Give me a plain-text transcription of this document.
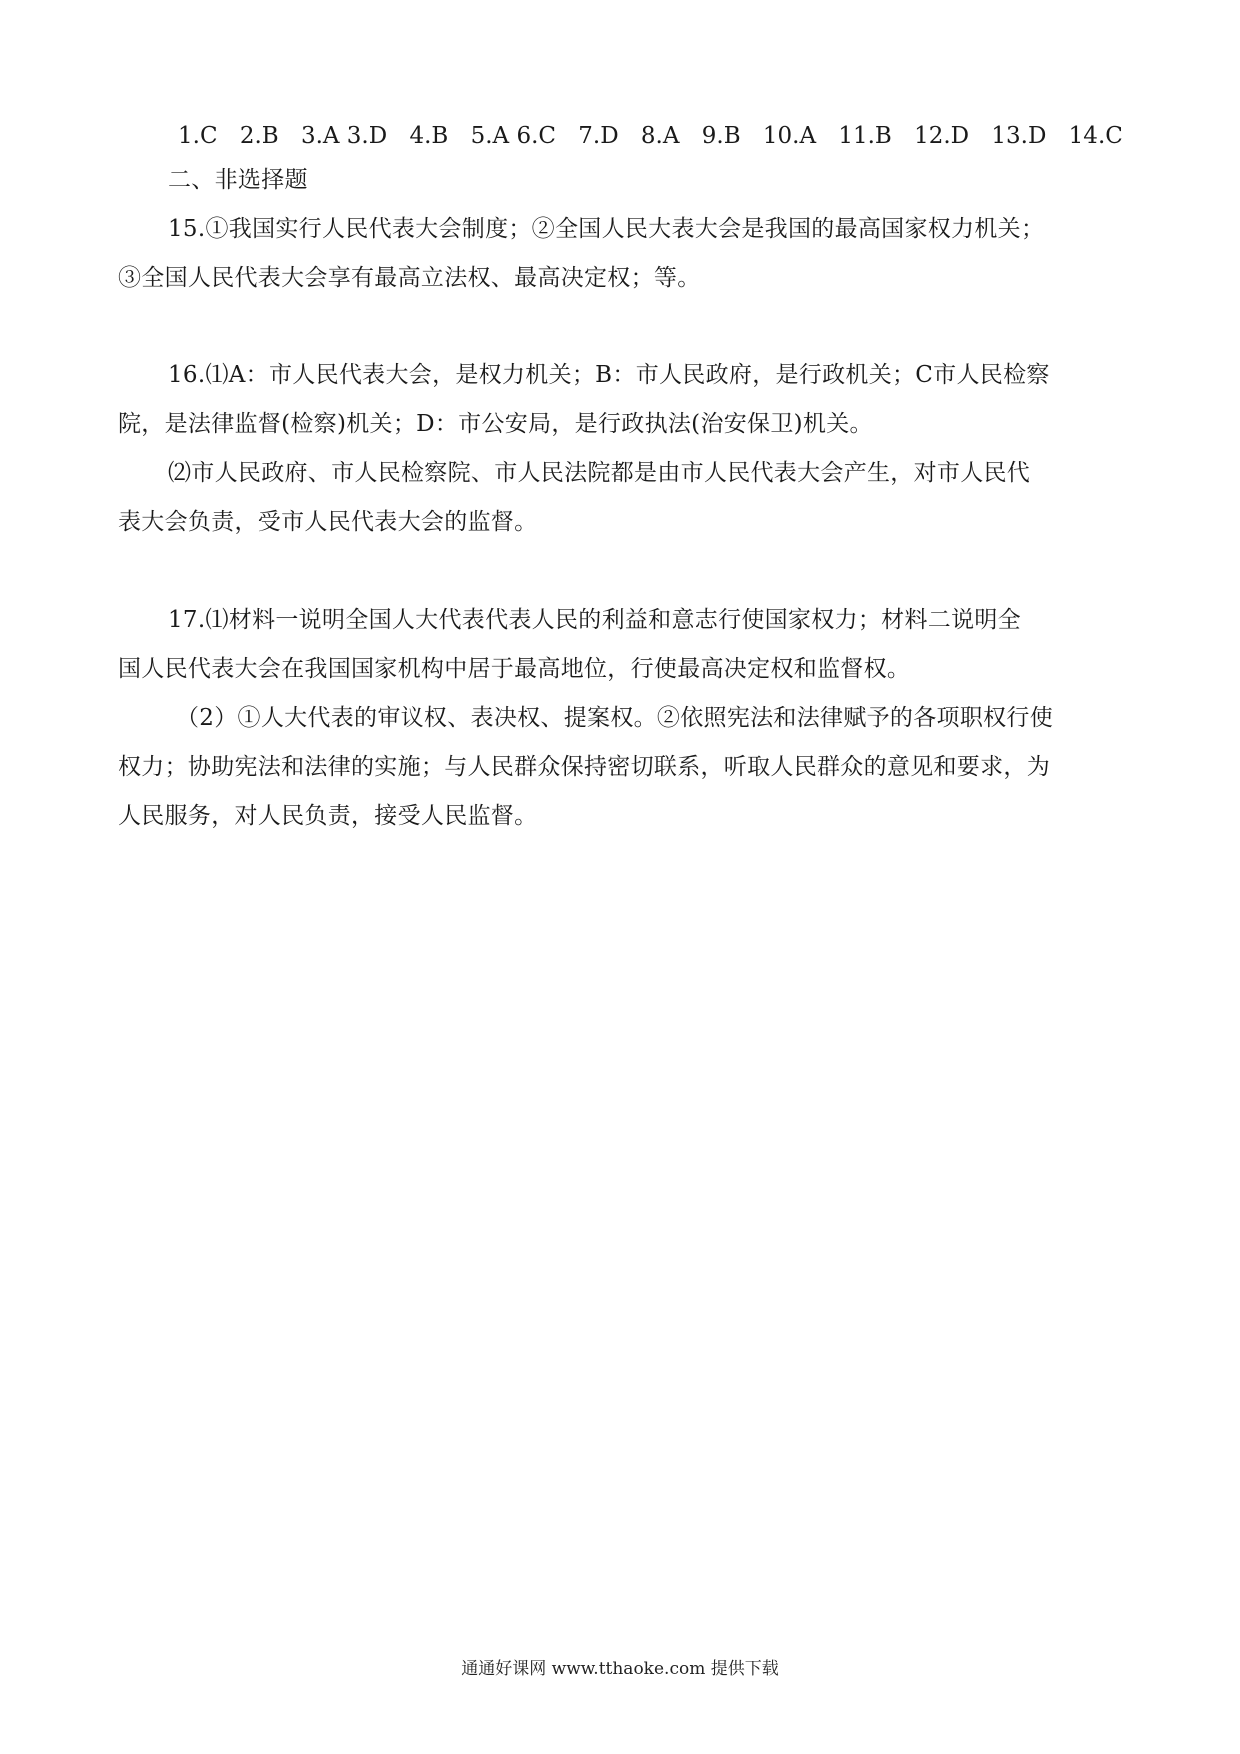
1.C 2.B 3.A 3.D 4.B 5.A 6.C 7.D 8.A 9.B 10.A 11.B 12.D 13.D 14.C
二、非选择题
15.①我国实行人民代表大会制度；②全国人民大表大会是我国的最高国家权力机关；
③全国人民代表大会享有最高立法权、最高决定权；等。
16.⑴A：市人民代表大会，是权力机关；B：市人民政府，是行政机关；C市人民检察
院，是法律监督(检察)机关；D：市公安局，是行政执法(治安保卫)机关。
⑵市人民政府、市人民检察院、市人民法院都是由市人民代表大会产生，对市人民代
表大会负责，受市人民代表大会的监督。
17.⑴材料一说明全国人大代表代表人民的利益和意志行使国家权力；材料二说明全
国人民代表大会在我国国家机构中居于最高地位，行使最高决定权和监督权。
（2）①人大代表的审议权、表决权、提案权。②依照宪法和法律赋予的各项职权行使
权力；协助宪法和法律的实施；与人民群众保持密切联系，听取人民群众的意见和要求，为
人民服务，对人民负责，接受人民监督。
通通好课网 www.tthaoke.com 提供下载
